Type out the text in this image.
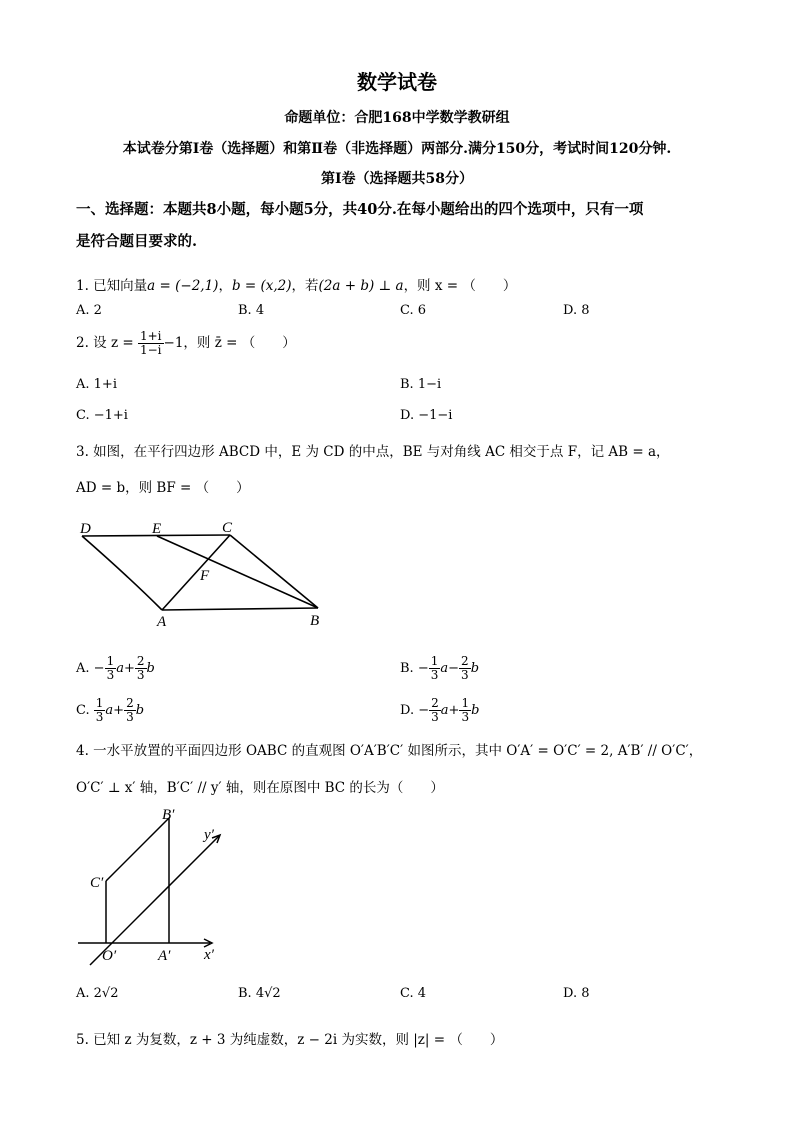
数学试卷
命题单位：合肥168中学数学教研组
本试卷分第Ⅰ卷（选择题）和第Ⅱ卷（非选择题）两部分.满分150分，考试时间120分钟.
第Ⅰ卷（选择题共58分）
一、选择题：本题共8小题，每小题5分，共40分.在每小题给出的四个选项中，只有一项
是符合题目要求的.
1. 已知向量a = (−2,1)，b = (x,2)，若(2a + b) ⊥ a，则 x = （　　）
A. 2	B. 4	C. 6	D. 8
2. 设 $z = \frac{1+i}{1-i} -1$，则 z̄ = （　　）
A. 1+i	B. 1−i
C. −1+i	D. −1−i
3. 如图，在平行四边形 ABCD 中，E 为 CD 的中点，BE 与对角线 AC 相交于点 F，记 AB = a，
AD = b，则 BF = （　　）
D	E	C
F
A	B
A. − $\frac{1}{3} a+ \frac{2}{3}$ b	B. − $\frac{1}{3} a- \frac{2}{3}$ b
C. $\frac{1}{3} a+ \frac{2}{3}$ b	D. − $\frac{2}{3} a+ \frac{1}{3}$ b
4. 一水平放置的平面四边形 OABC 的直观图 O′A′B′C′ 如图所示，其中 O′A′ = O′C′ = 2, A′B′ // O′C′，
O′C′ ⊥ x′ 轴，B′C′ // y′ 轴，则在原图中 BC 的长为（　　）
B′
C′
O′	A′ x′
y′
A. 2√2	B. 4√2	C. 4	D. 8
5. 已知 z 为复数，z + 3 为纯虚数，z − 2i 为实数，则 |z| = （　　）
